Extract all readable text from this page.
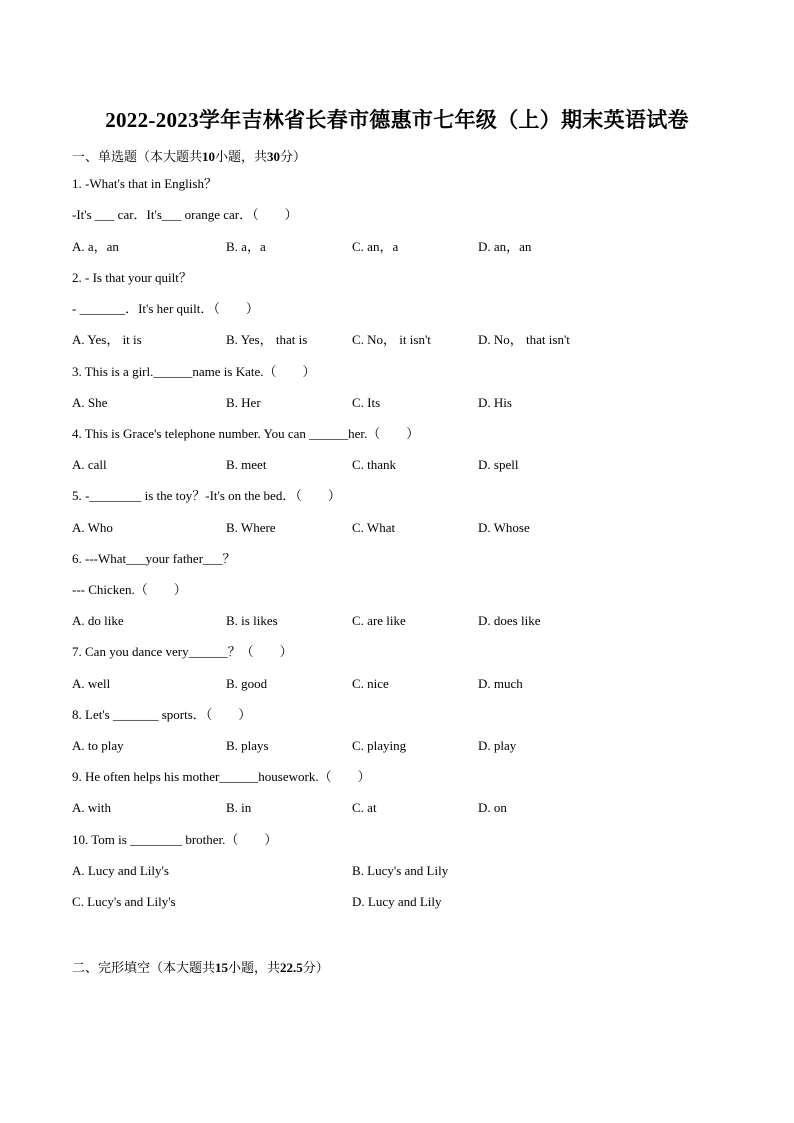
2022-2023学年吉林省长春市德惠市七年级（上）期末英语试卷
一、单选题（本大题共10小题，共30分）
1. -What's that in English？
-It's ___ car．It's___ orange car．（　　）
A. a，an	B. a，a	C. an，a	D. an，an
2. - Is that your quilt？
- _______．It's her quilt．（　　）
A. Yes， it is	B. Yes， that is	C. No， it isn't	D. No， that isn't
3. This is a girl.______name is Kate.（　　）
A. She	B. Her	C. Its	D. His
4. This is Grace's telephone number. You can ______her.（　　）
A. call	B. meet	C. thank	D. spell
5. -________ is the toy？-It's on the bed．（　　）
A. Who	B. Where	C. What	D. Whose
6. ---What___your father___？
--- Chicken.（　　）
A. do like	B. is likes	C. are like	D. does like
7. Can you dance very______？（　　）
A. well	B. good	C. nice	D. much
8. Let's _______ sports．（　　）
A. to play	B. plays	C. playing	D. play
9. He often helps his mother______housework.（　　）
A. with	B. in	C. at	D. on
10. Tom is ________ brother.（　　）
A. Lucy and Lily's	B. Lucy's and Lily
C. Lucy's and Lily's	D. Lucy and Lily
二、完形填空（本大题共15小题，共22.5分）
